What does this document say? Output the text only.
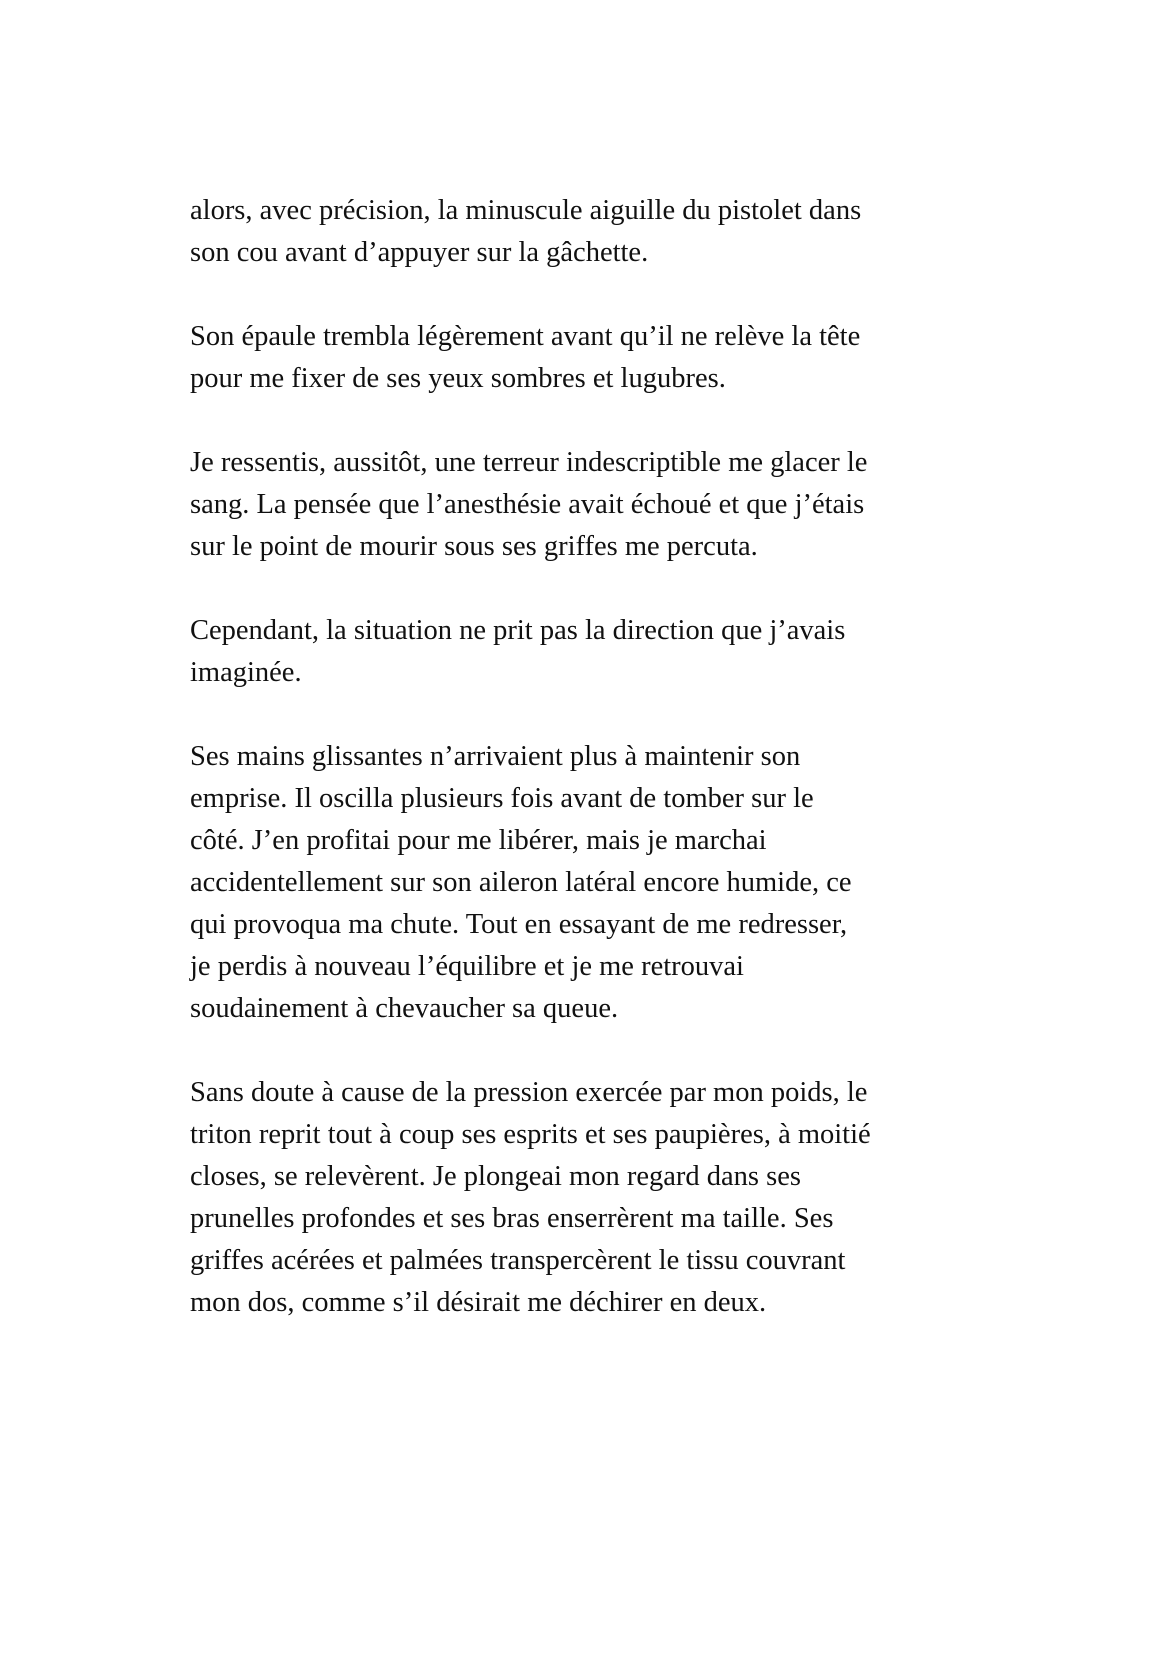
alors, avec précision, la minuscule aiguille du pistolet dans
son cou avant d’appuyer sur la gâchette.
Son épaule trembla légèrement avant qu’il ne relève la tête
pour me fixer de ses yeux sombres et lugubres.
Je ressentis, aussitôt, une terreur indescriptible me glacer le
sang. La pensée que l’anesthésie avait échoué et que j’étais
sur le point de mourir sous ses griffes me percuta.
Cependant, la situation ne prit pas la direction que j’avais
imaginée.
Ses mains glissantes n’arrivaient plus à maintenir son
emprise. Il oscilla plusieurs fois avant de tomber sur le
côté. J’en profitai pour me libérer, mais je marchai
accidentellement sur son aileron latéral encore humide, ce
qui provoqua ma chute. Tout en essayant de me redresser,
je perdis à nouveau l’équilibre et je me retrouvai
soudainement à chevaucher sa queue.
Sans doute à cause de la pression exercée par mon poids, le
triton reprit tout à coup ses esprits et ses paupières, à moitié
closes, se relevèrent. Je plongeai mon regard dans ses
prunelles profondes et ses bras enserrèrent ma taille. Ses
griffes acérées et palmées transpercèrent le tissu couvrant
mon dos, comme s’il désirait me déchirer en deux.
